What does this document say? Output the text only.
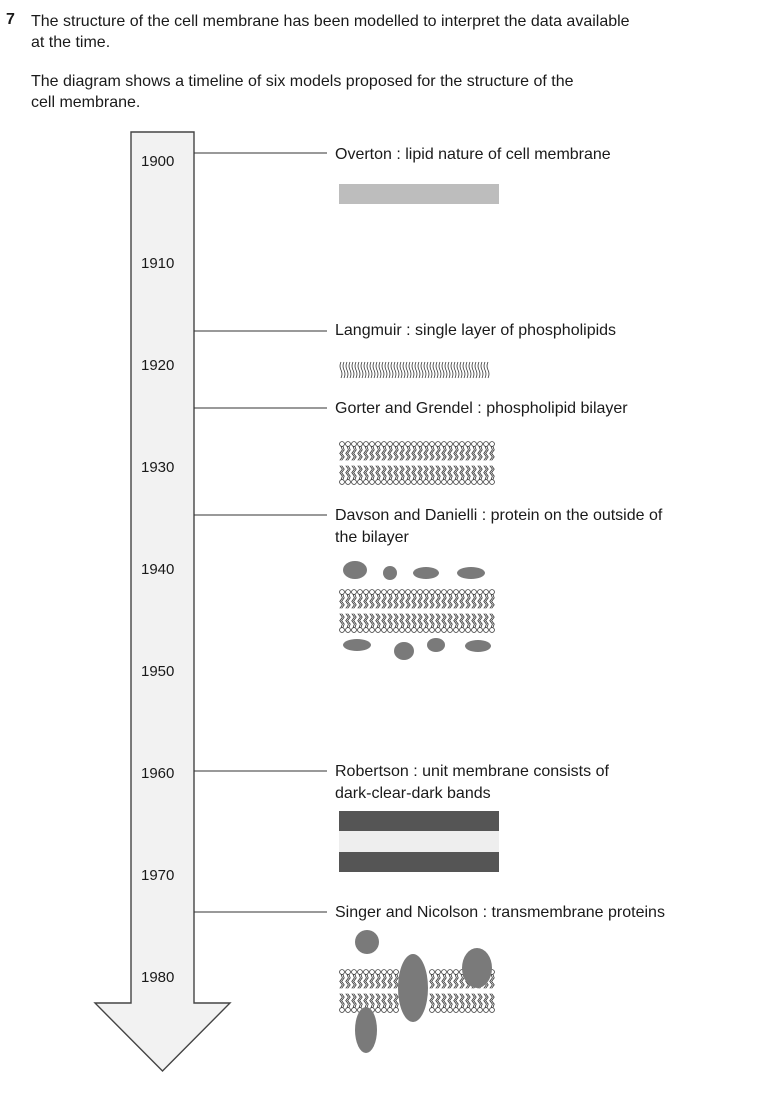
7 The structure of the cell membrane has been modelled to interpret the data available
at the time.
The diagram shows a timeline of six models proposed for the structure of the
cell membrane.
1900
1910
1920
1930
1940
1950
1960
1970
1980
Overton : lipid nature of cell membrane
Langmuir : single layer of phospholipids
Gorter and Grendel : phospholipid bilayer
Davson and Danielli : protein on the outside of
the bilayer
Robertson : unit membrane consists of
dark-clear-dark bands
Singer and Nicolson : transmembrane proteins
